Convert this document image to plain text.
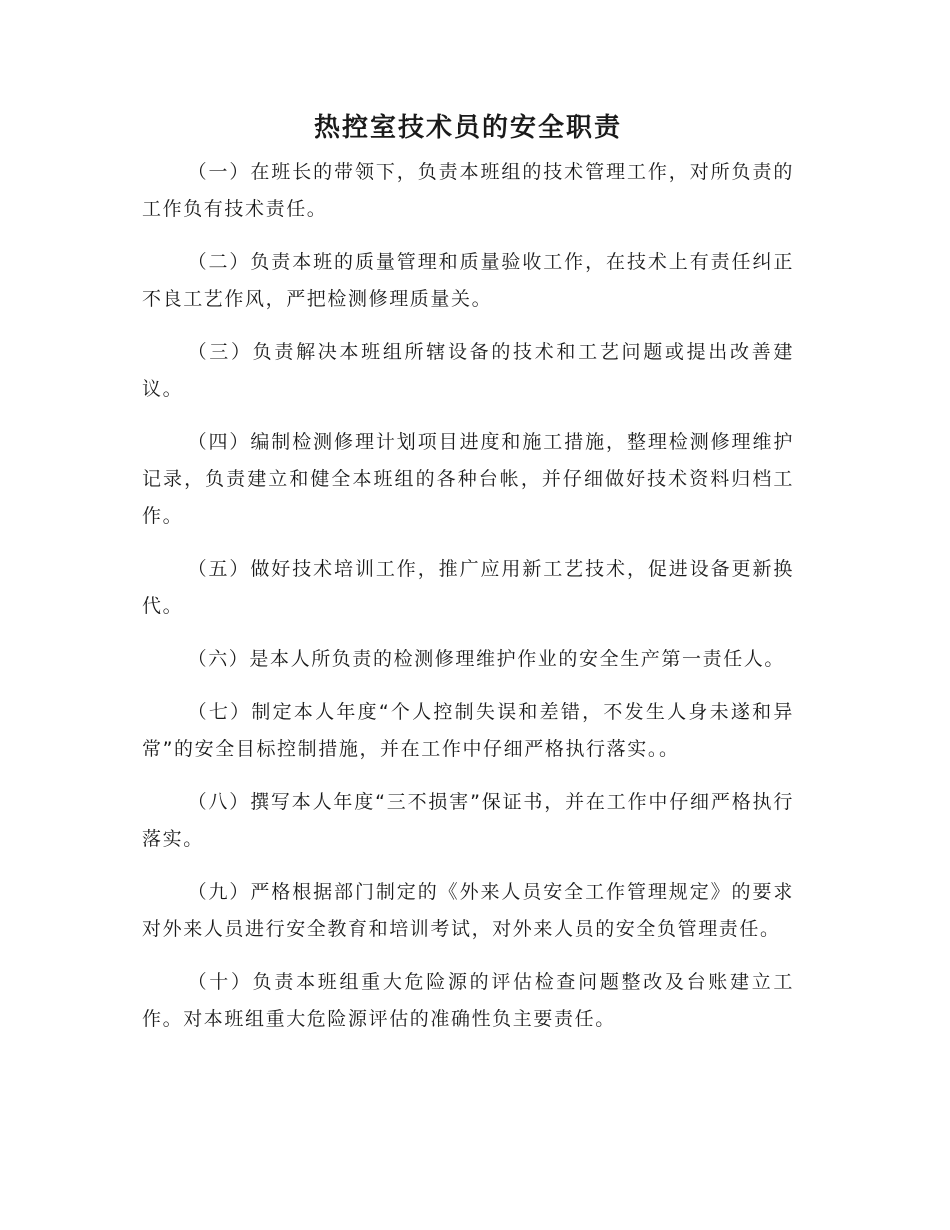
热控室技术员的安全职责

（一）在班长的带领下，负责本班组的技术管理工作，对所负责的工作负有技术责任。

（二）负责本班的质量管理和质量验收工作，在技术上有责任纠正不良工艺作风，严把检测修理质量关。

（三）负责解决本班组所辖设备的技术和工艺问题或提出改善建议。

（四）编制检测修理计划项目进度和施工措施，整理检测修理维护记录，负责建立和健全本班组的各种台帐，并仔细做好技术资料归档工作。

（五）做好技术培训工作，推广应用新工艺技术，促进设备更新换代。

（六）是本人所负责的检测修理维护作业的安全生产第一责任人。

（七）制定本人年度“个人控制失误和差错，不发生人身未遂和异常”的安全目标控制措施，并在工作中仔细严格执行落实。。

（八）撰写本人年度“三不损害”保证书，并在工作中仔细严格执行落实。

（九）严格根据部门制定的《外来人员安全工作管理规定》的要求对外来人员进行安全教育和培训考试，对外来人员的安全负管理责任。

（十）负责本班组重大危险源的评估检查问题整改及台账建立工作。对本班组重大危险源评估的准确性负主要责任。
